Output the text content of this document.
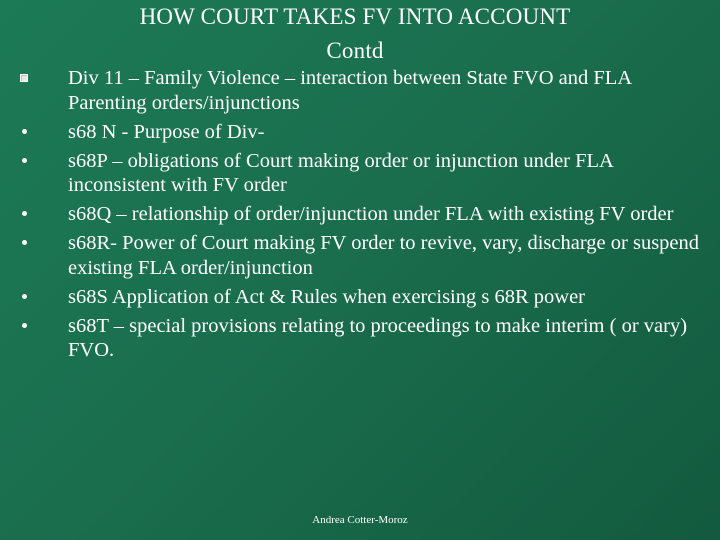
HOW COURT TAKES FV INTO ACCOUNT
Contd
Div 11 – Family Violence – interaction between State FVO and FLA Parenting orders/injunctions
s68 N - Purpose of Div-
s68P – obligations of Court making order or injunction under FLA inconsistent with FV order
s68Q – relationship of order/injunction under FLA with existing FV order
s68R- Power of Court making FV order to revive, vary, discharge or suspend existing FLA order/injunction
s68S Application of Act & Rules when exercising s 68R power
s68T – special provisions relating to proceedings to make interim ( or vary) FVO.
Andrea Cotter-Moroz
